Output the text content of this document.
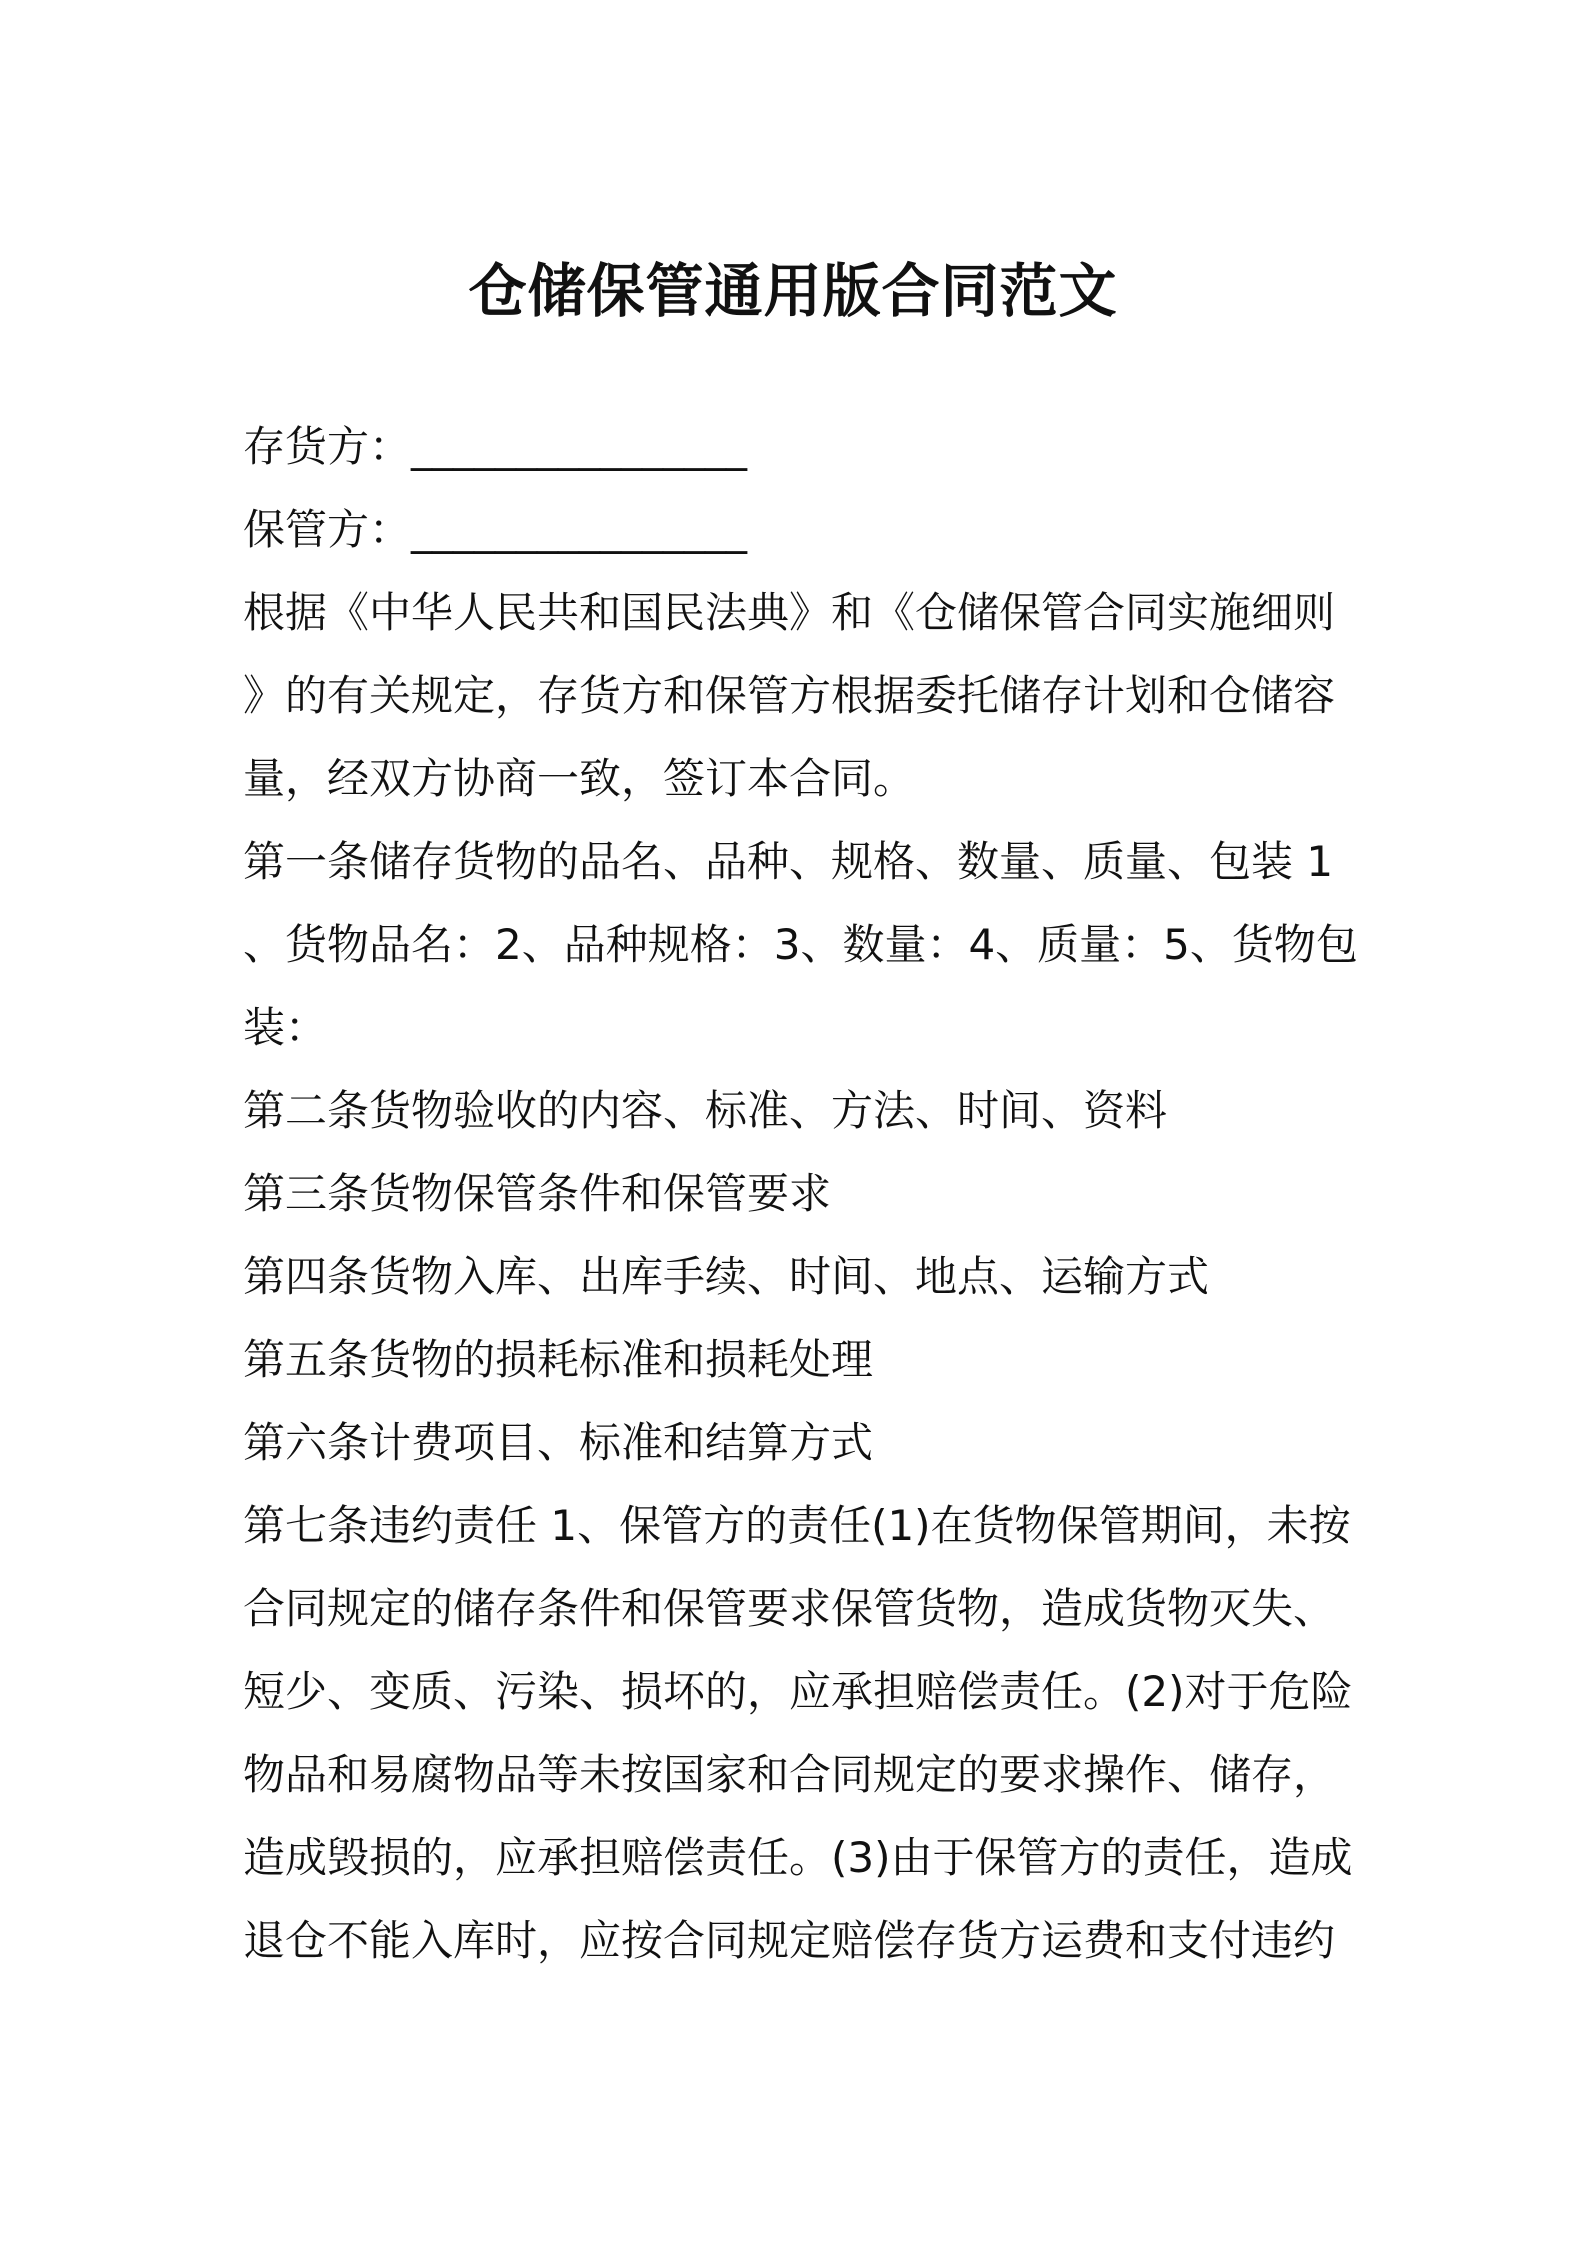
仓储保管通用版合同范文
存货方：________________
保管方：________________
根据《中华人民共和国民法典》和《仓储保管合同实施细则
》的有关规定，存货方和保管方根据委托储存计划和仓储容
量，经双方协商一致，签订本合同。
第一条储存货物的品名、品种、规格、数量、质量、包装 1
、货物品名：2、品种规格：3、数量：4、质量：5、货物包
装：
第二条货物验收的内容、标准、方法、时间、资料
第三条货物保管条件和保管要求
第四条货物入库、出库手续、时间、地点、运输方式
第五条货物的损耗标准和损耗处理
第六条计费项目、标准和结算方式
第七条违约责任 1、保管方的责任(1)在货物保管期间，未按
合同规定的储存条件和保管要求保管货物，造成货物灭失、
短少、变质、污染、损坏的，应承担赔偿责任。(2)对于危险
物品和易腐物品等未按国家和合同规定的要求操作、储存，
造成毁损的，应承担赔偿责任。(3)由于保管方的责任，造成
退仓不能入库时，应按合同规定赔偿存货方运费和支付违约
